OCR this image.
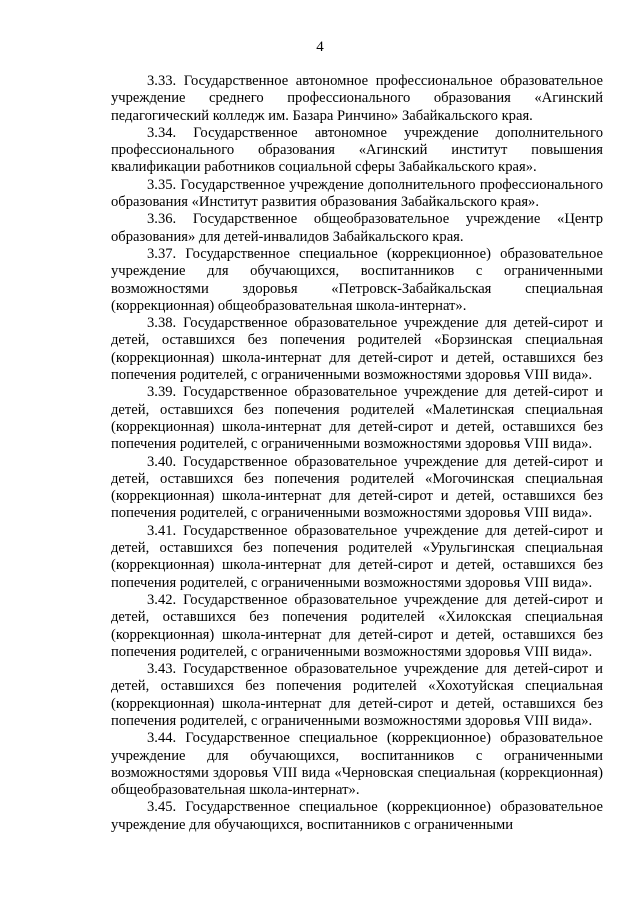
4

3.33. Государственное автономное профессиональное образовательное учреждение среднего профессионального образования «Агинский педагогический колледж им. Базара Ринчино» Забайкальского края.

3.34. Государственное автономное учреждение дополнительного профессионального образования «Агинский институт повышения квалификации работников социальной сферы Забайкальского края».

3.35. Государственное учреждение дополнительного профессионального образования «Институт развития образования Забайкальского края».

3.36. Государственное общеобразовательное учреждение «Центр образования» для детей-инвалидов Забайкальского края.

3.37. Государственное специальное (коррекционное) образовательное учреждение для обучающихся, воспитанников с ограниченными возможностями здоровья «Петровск-Забайкальская специальная (коррекционная) общеобразовательная школа-интернат».

3.38. Государственное образовательное учреждение для детей-сирот и детей, оставшихся без попечения родителей «Борзинская специальная (коррекционная) школа-интернат для детей-сирот и детей, оставшихся без попечения родителей, с ограниченными возможностями здоровья VIII вида».

3.39. Государственное образовательное учреждение для детей-сирот и детей, оставшихся без попечения родителей «Малетинская специальная (коррекционная) школа-интернат для детей-сирот и детей, оставшихся без попечения родителей, с ограниченными возможностями здоровья VIII вида».

3.40. Государственное образовательное учреждение для детей-сирот и детей, оставшихся без попечения родителей «Могочинская специальная (коррекционная) школа-интернат для детей-сирот и детей, оставшихся без попечения родителей, с ограниченными возможностями здоровья VIII вида».

3.41. Государственное образовательное учреждение для детей-сирот и детей, оставшихся без попечения родителей «Урульгинская специальная (коррекционная) школа-интернат для детей-сирот и детей, оставшихся без попечения родителей, с ограниченными возможностями здоровья VIII вида».

3.42. Государственное образовательное учреждение для детей-сирот и детей, оставшихся без попечения родителей «Хилокская специальная (коррекционная) школа-интернат для детей-сирот и детей, оставшихся без попечения родителей, с ограниченными возможностями здоровья VIII вида».

3.43. Государственное образовательное учреждение для детей-сирот и детей, оставшихся без попечения родителей «Хохотуйская специальная (коррекционная) школа-интернат для детей-сирот и детей, оставшихся без попечения родителей, с ограниченными возможностями здоровья VIII вида».

3.44. Государственное специальное (коррекционное) образовательное учреждение для обучающихся, воспитанников с ограниченными возможностями здоровья VIII вида «Черновская специальная (коррекционная) общеобразовательная школа-интернат».

3.45. Государственное специальное (коррекционное) образовательное учреждение для обучающихся, воспитанников с ограниченными
